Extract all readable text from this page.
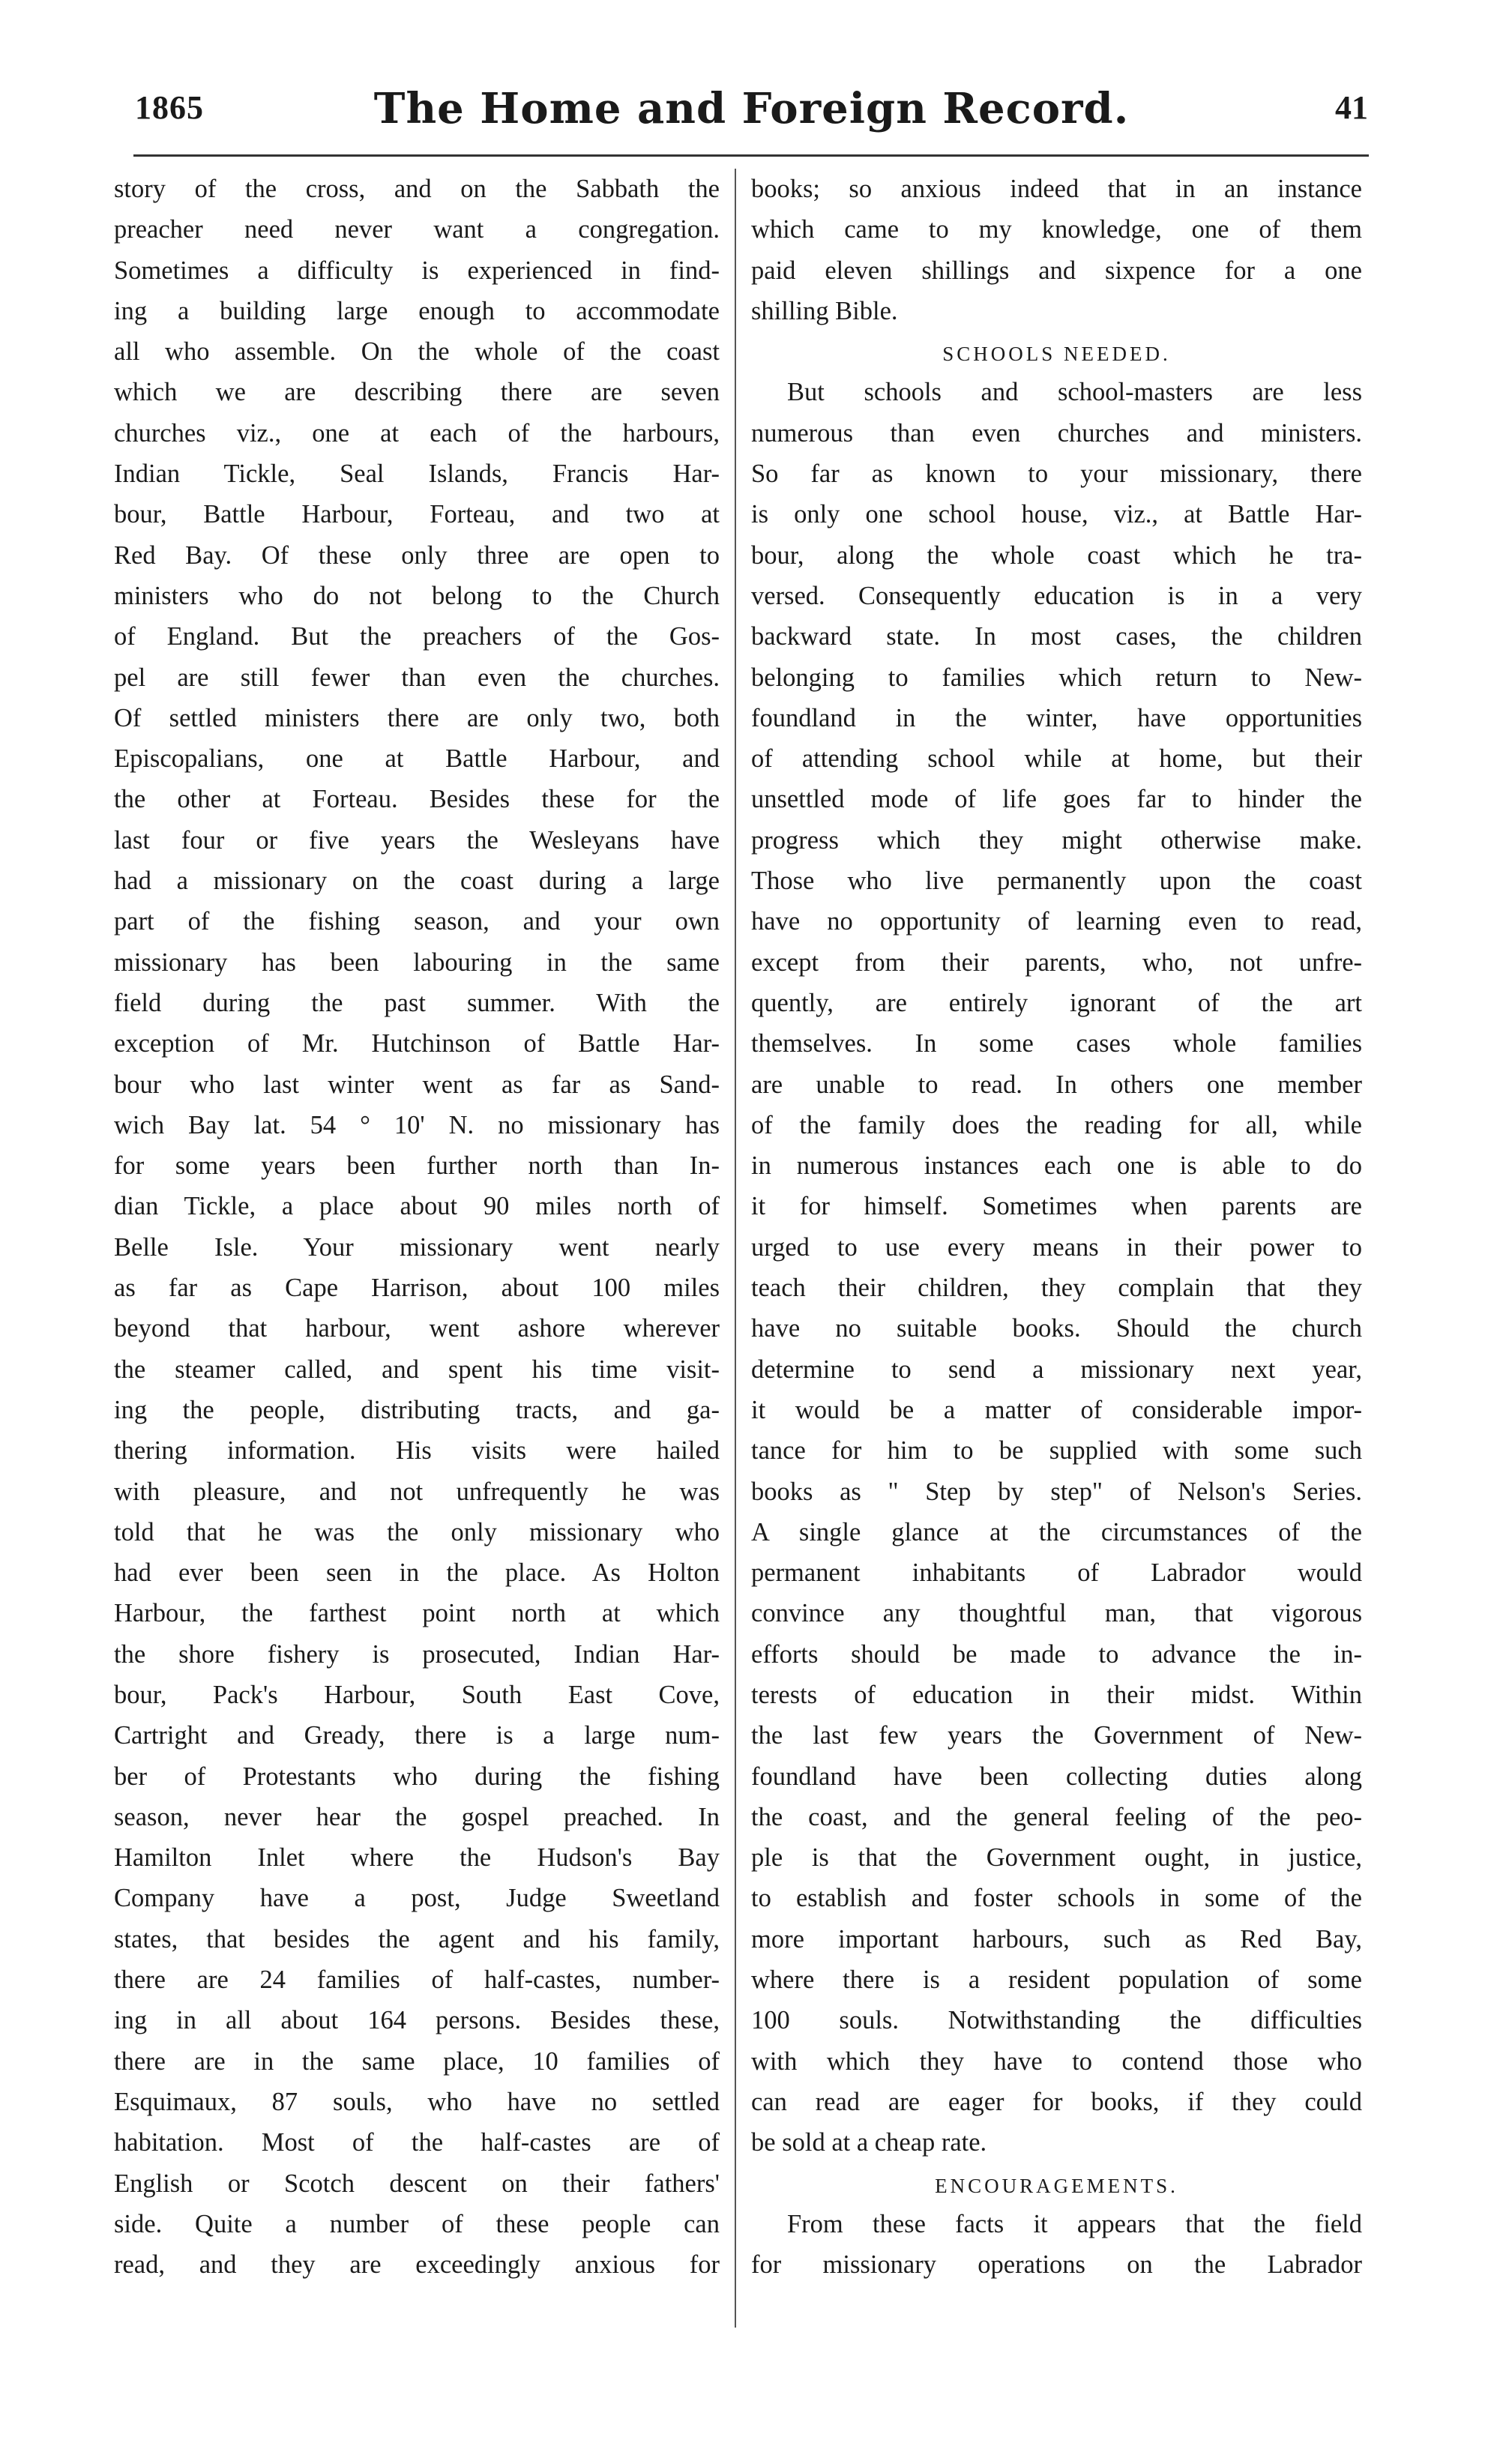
1865	The Home and Foreign Record.	41
story of the cross, and on the Sabbath the
preacher need never want a congregation.
Sometimes a difficulty is experienced in find-
ing a building large enough to accommodate
all who assemble. On the whole of the coast
which we are describing there are seven
churches viz., one at each of the harbours,
Indian Tickle, Seal Islands, Francis Har-
bour, Battle Harbour, Forteau, and two at
Red Bay. Of these only three are open to
ministers who do not belong to the Church
of England. But the preachers of the Gos-
pel are still fewer than even the churches.
Of settled ministers there are only two, both
Episcopalians, one at Battle Harbour, and
the other at Forteau. Besides these for the
last four or five years the Wesleyans have
had a missionary on the coast during a large
part of the fishing season, and your own
missionary has been labouring in the same
field during the past summer. With the
exception of Mr. Hutchinson of Battle Har-
bour who last winter went as far as Sand-
wich Bay lat. 54 ° 10' N. no missionary has
for some years been further north than In-
dian Tickle, a place about 90 miles north of
Belle Isle. Your missionary went nearly
as far as Cape Harrison, about 100 miles
beyond that harbour, went ashore wherever
the steamer called, and spent his time visit-
ing the people, distributing tracts, and ga-
thering information. His visits were hailed
with pleasure, and not unfrequently he was
told that he was the only missionary who
had ever been seen in the place. As Holton
Harbour, the farthest point north at which
the shore fishery is prosecuted, Indian Har-
bour, Pack's Harbour, South East Cove,
Cartright and Gready, there is a large num-
ber of Protestants who during the fishing
season, never hear the gospel preached. In
Hamilton Inlet where the Hudson's Bay
Company have a post, Judge Sweetland
states, that besides the agent and his family,
there are 24 families of half-castes, number-
ing in all about 164 persons. Besides these,
there are in the same place, 10 families of
Esquimaux, 87 souls, who have no settled
habitation. Most of the half-castes are of
English or Scotch descent on their fathers'
side. Quite a number of these people can
read, and they are exceedingly anxious for
books; so anxious indeed that in an instance
which came to my knowledge, one of them
paid eleven shillings and sixpence for a one
shilling Bible.
SCHOOLS NEEDED.
But schools and school-masters are less
numerous than even churches and ministers.
So far as known to your missionary, there
is only one school house, viz., at Battle Har-
bour, along the whole coast which he tra-
versed. Consequently education is in a very
backward state. In most cases, the children
belonging to families which return to New-
foundland in the winter, have opportunities
of attending school while at home, but their
unsettled mode of life goes far to hinder the
progress which they might otherwise make.
Those who live permanently upon the coast
have no opportunity of learning even to read,
except from their parents, who, not unfre-
quently, are entirely ignorant of the art
themselves. In some cases whole families
are unable to read. In others one member
of the family does the reading for all, while
in numerous instances each one is able to do
it for himself. Sometimes when parents are
urged to use every means in their power to
teach their children, they complain that they
have no suitable books. Should the church
determine to send a missionary next year,
it would be a matter of considerable impor-
tance for him to be supplied with some such
books as " Step by step" of Nelson's Series.
A single glance at the circumstances of the
permanent inhabitants of Labrador would
convince any thoughtful man, that vigorous
efforts should be made to advance the in-
terests of education in their midst. Within
the last few years the Government of New-
foundland have been collecting duties along
the coast, and the general feeling of the peo-
ple is that the Government ought, in justice,
to establish and foster schools in some of the
more important harbours, such as Red Bay,
where there is a resident population of some
100 souls. Notwithstanding the difficulties
with which they have to contend those who
can read are eager for books, if they could
be sold at a cheap rate.
ENCOURAGEMENTS.
From these facts it appears that the field
for missionary operations on the Labrador
